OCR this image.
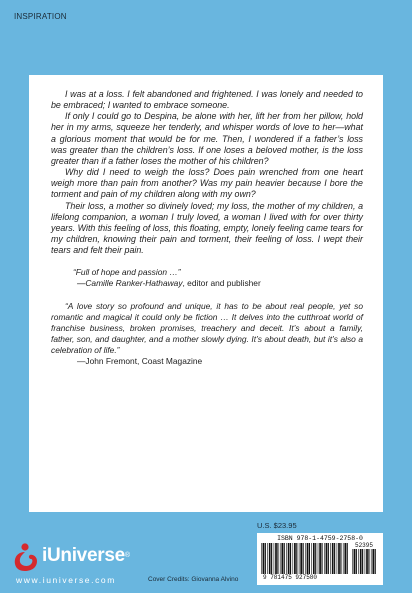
INSPIRATION

I was at a loss. I felt abandoned and frightened. I was lonely and needed to be embraced; I wanted to embrace someone.

If only I could go to Despina, be alone with her, lift her from her pillow, hold her in my arms, squeeze her tenderly, and whisper words of love to her—what a glorious moment that would be for me. Then, I wondered if a father’s loss was greater than the children’s loss. If one loses a beloved mother, is the loss greater than if a father loses the mother of his children?

Why did I need to weigh the loss? Does pain wrenched from one heart weigh more than pain from another? Was my pain heavier because I bore the torment and pain of my children along with my own?

Their loss, a mother so divinely loved; my loss, the mother of my children, a lifelong companion, a woman I truly loved, a woman I lived with for over thirty years. With this feeling of loss, this floating, empty, lonely feeling came tears for my children, knowing their pain and torment, their feeling of loss. I wept their tears and felt their pain.

“Full of hope and passion …”

—Camille Ranker-Hathaway, editor and publisher

“A love story so profound and unique, it has to be about real people, yet so romantic and magical it could only be fiction … It delves into the cutthroat world of franchise business, broken promises, treachery and deceit. It’s about a family, father, son, and daughter, and a mother slowly dying. It’s about death, but it’s also a celebration of life.”

—John Fremont, Coast Magazine

U.S. $23.95
ISBN 978-1-4759-2758-0
52395
9 781475 927580
iUniverse®
www.iuniverse.com	Cover Credits: Giovanna Alvino
